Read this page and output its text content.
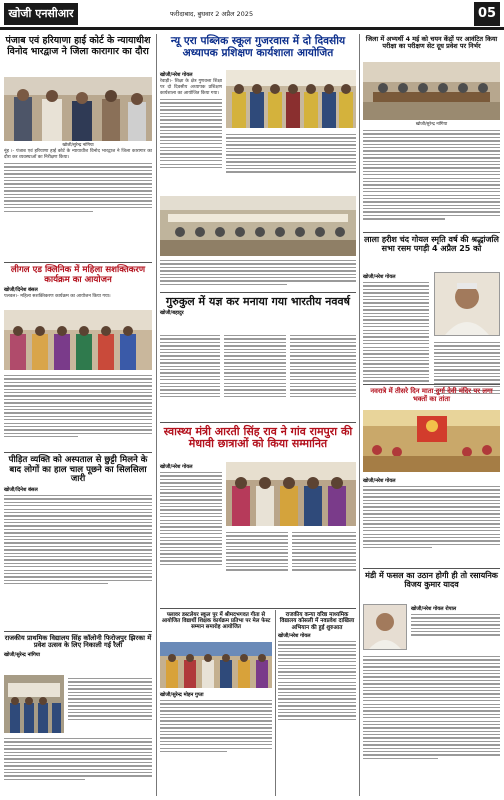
खोजी एनसीआर	फरीदाबाद, बुधवार 2 अप्रैल 2025	05
पंजाब एवं हरियाणा हाई कोर्ट के न्यायाधीश विनोद भारद्वाज ने जिला कारागार का दौरा
खोजी/सुरेन्द्र नांगिया
नूंह ।- पंजाब एवं हरियाणा हाई कोर्ट के न्यायाधीश विनोद भारद्वाज ने जिला कारागार का दौरा कर व्यवस्थाओं का निरीक्षण किया।
लीगल एड क्लिनिक में महिला सशक्तिकरण कार्यक्रम का आयोजन
खोजी/दिनेश बंसल
पलवल।- महिला सशक्तिकरण कार्यक्रम का आयोजन किया गया।
पीड़ित व्यक्ति को अस्पताल से छुट्टी मिलने के बाद लोगों का हाल चाल पूछने का सिलसिला जारी
खोजी/दिनेश बंसल
राजकीय प्राथमिक विद्यालय सिंह कॉलोनी फिरोजपुर झिरका में प्रवेश उत्सव के लिए निकाली गई रैली
खोजी/सुरेन्द्र नांगिया
न्यू एरा पब्लिक स्कूल गुजरवास में दो दिवसीय अध्यापक प्रशिक्षण कार्यशाला आयोजित
खोजी/नरेश गोयल
रेवाड़ी।- शिक्षा के क्षेत्र गुणवत्ता शिक्षा पर दो दिवसीय अध्यापक प्रशिक्षण कार्यशाला का आयोजित किया गया।
गुरुकुल में यज्ञ कर मनाया गया भारतीय नववर्ष
खोजी/बहादुर
स्वास्थ्य मंत्री आरती सिंह राव ने गांव रामपुरा की मेधावी छात्राओं को किया सम्मानित
खोजी/नरेश गोयल
फ्लावर डस्टलेयर स्कूल पुर में श्रीमदभगवत गीता से आयोजित विद्यार्थी शिक्षक कार्यक्रम प्रतिभा पर मेल फेस्ट सम्मान समारोह आयोजित
खोजी/सुरेन्द्र मोहन गुप्ता
राजकीय कन्या वरिष्ठ माध्यमिक विद्यालय कोसली में नवप्रवेश दाखिला अभियान की हुई शुरुआत
खोजी/नरेश गोयल
जिला में अभ्यर्थी 4 मई को चयन केंद्रों पर आवंटित किया परीक्षा का परीक्षण सेट दूध प्रवेश पर निर्भर
खोजी/सुरेन्द्र नांगिया
लाला हरीश चंद गोयल स्मृति वर्ष की श्रद्धांजलि सभा रसम पगड़ी 4 अप्रैल 25 को
खोजी/नरेश गोयल
नवरात्रे में तीसरे दिन माता दुर्गा देवी मंदिर पर लगा भक्तों का तांता
खोजी/नरेश गोयल
मंडी में फसल का उठान होगी ही तो रसायनिक विजय कुमार यादव
खोजी/नरेश गोयल रोपाल
